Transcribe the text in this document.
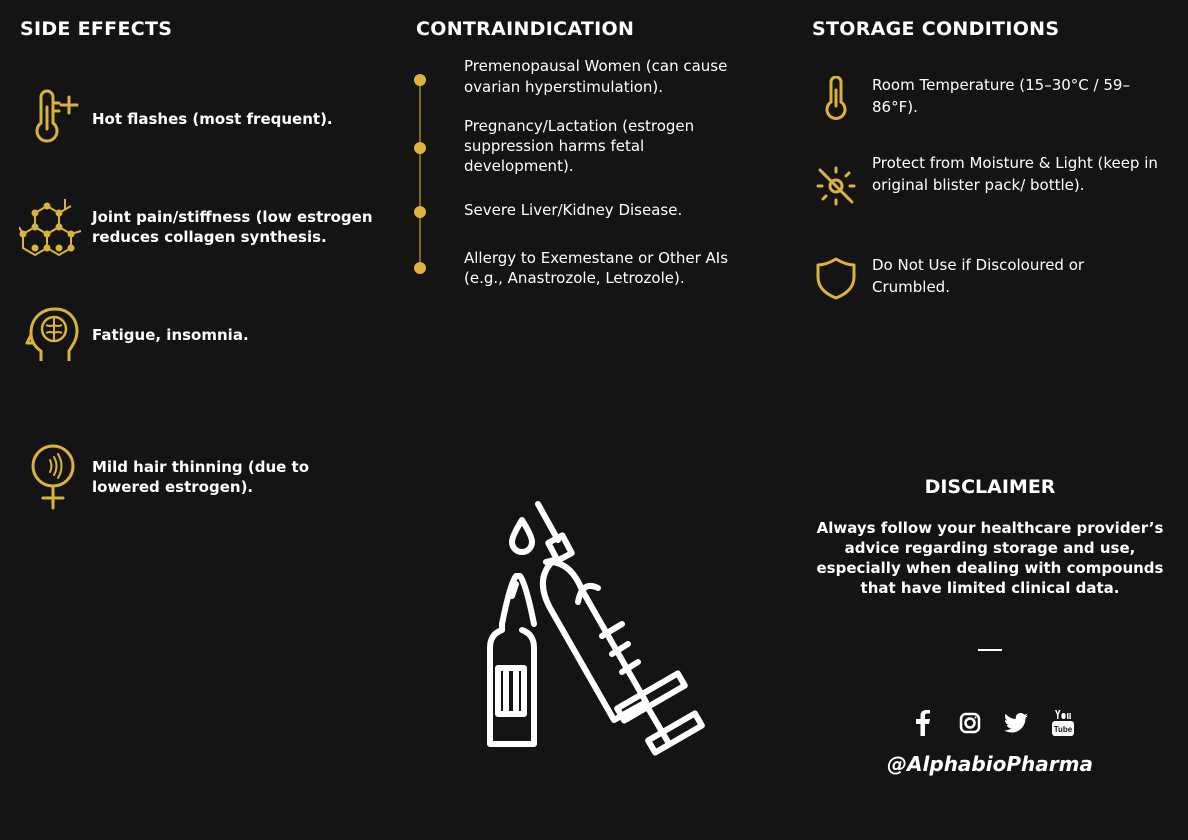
SIDE EFFECTS
Hot flashes (most frequent).
Joint pain/stiffness (low estrogen reduces collagen synthesis.
Fatigue, insomnia.
Mild hair thinning (due to lowered estrogen).
CONTRAINDICATION
Premenopausal Women (can cause ovarian hyperstimulation).
Pregnancy/Lactation (estrogen suppression harms fetal development).
Severe Liver/Kidney Disease.
Allergy to Exemestane or Other AIs (e.g., Anastrozole, Letrozole).
STORAGE CONDITIONS
Room Temperature (15–30°C / 59–86°F).
Protect from Moisture & Light (keep in original blister pack/ bottle).
Do Not Use if Discoloured or Crumbled.
DISCLAIMER
Always follow your healthcare provider’s advice regarding storage and use, especially when dealing with compounds that have limited clinical data.
Tube
@AlphabioPharma
